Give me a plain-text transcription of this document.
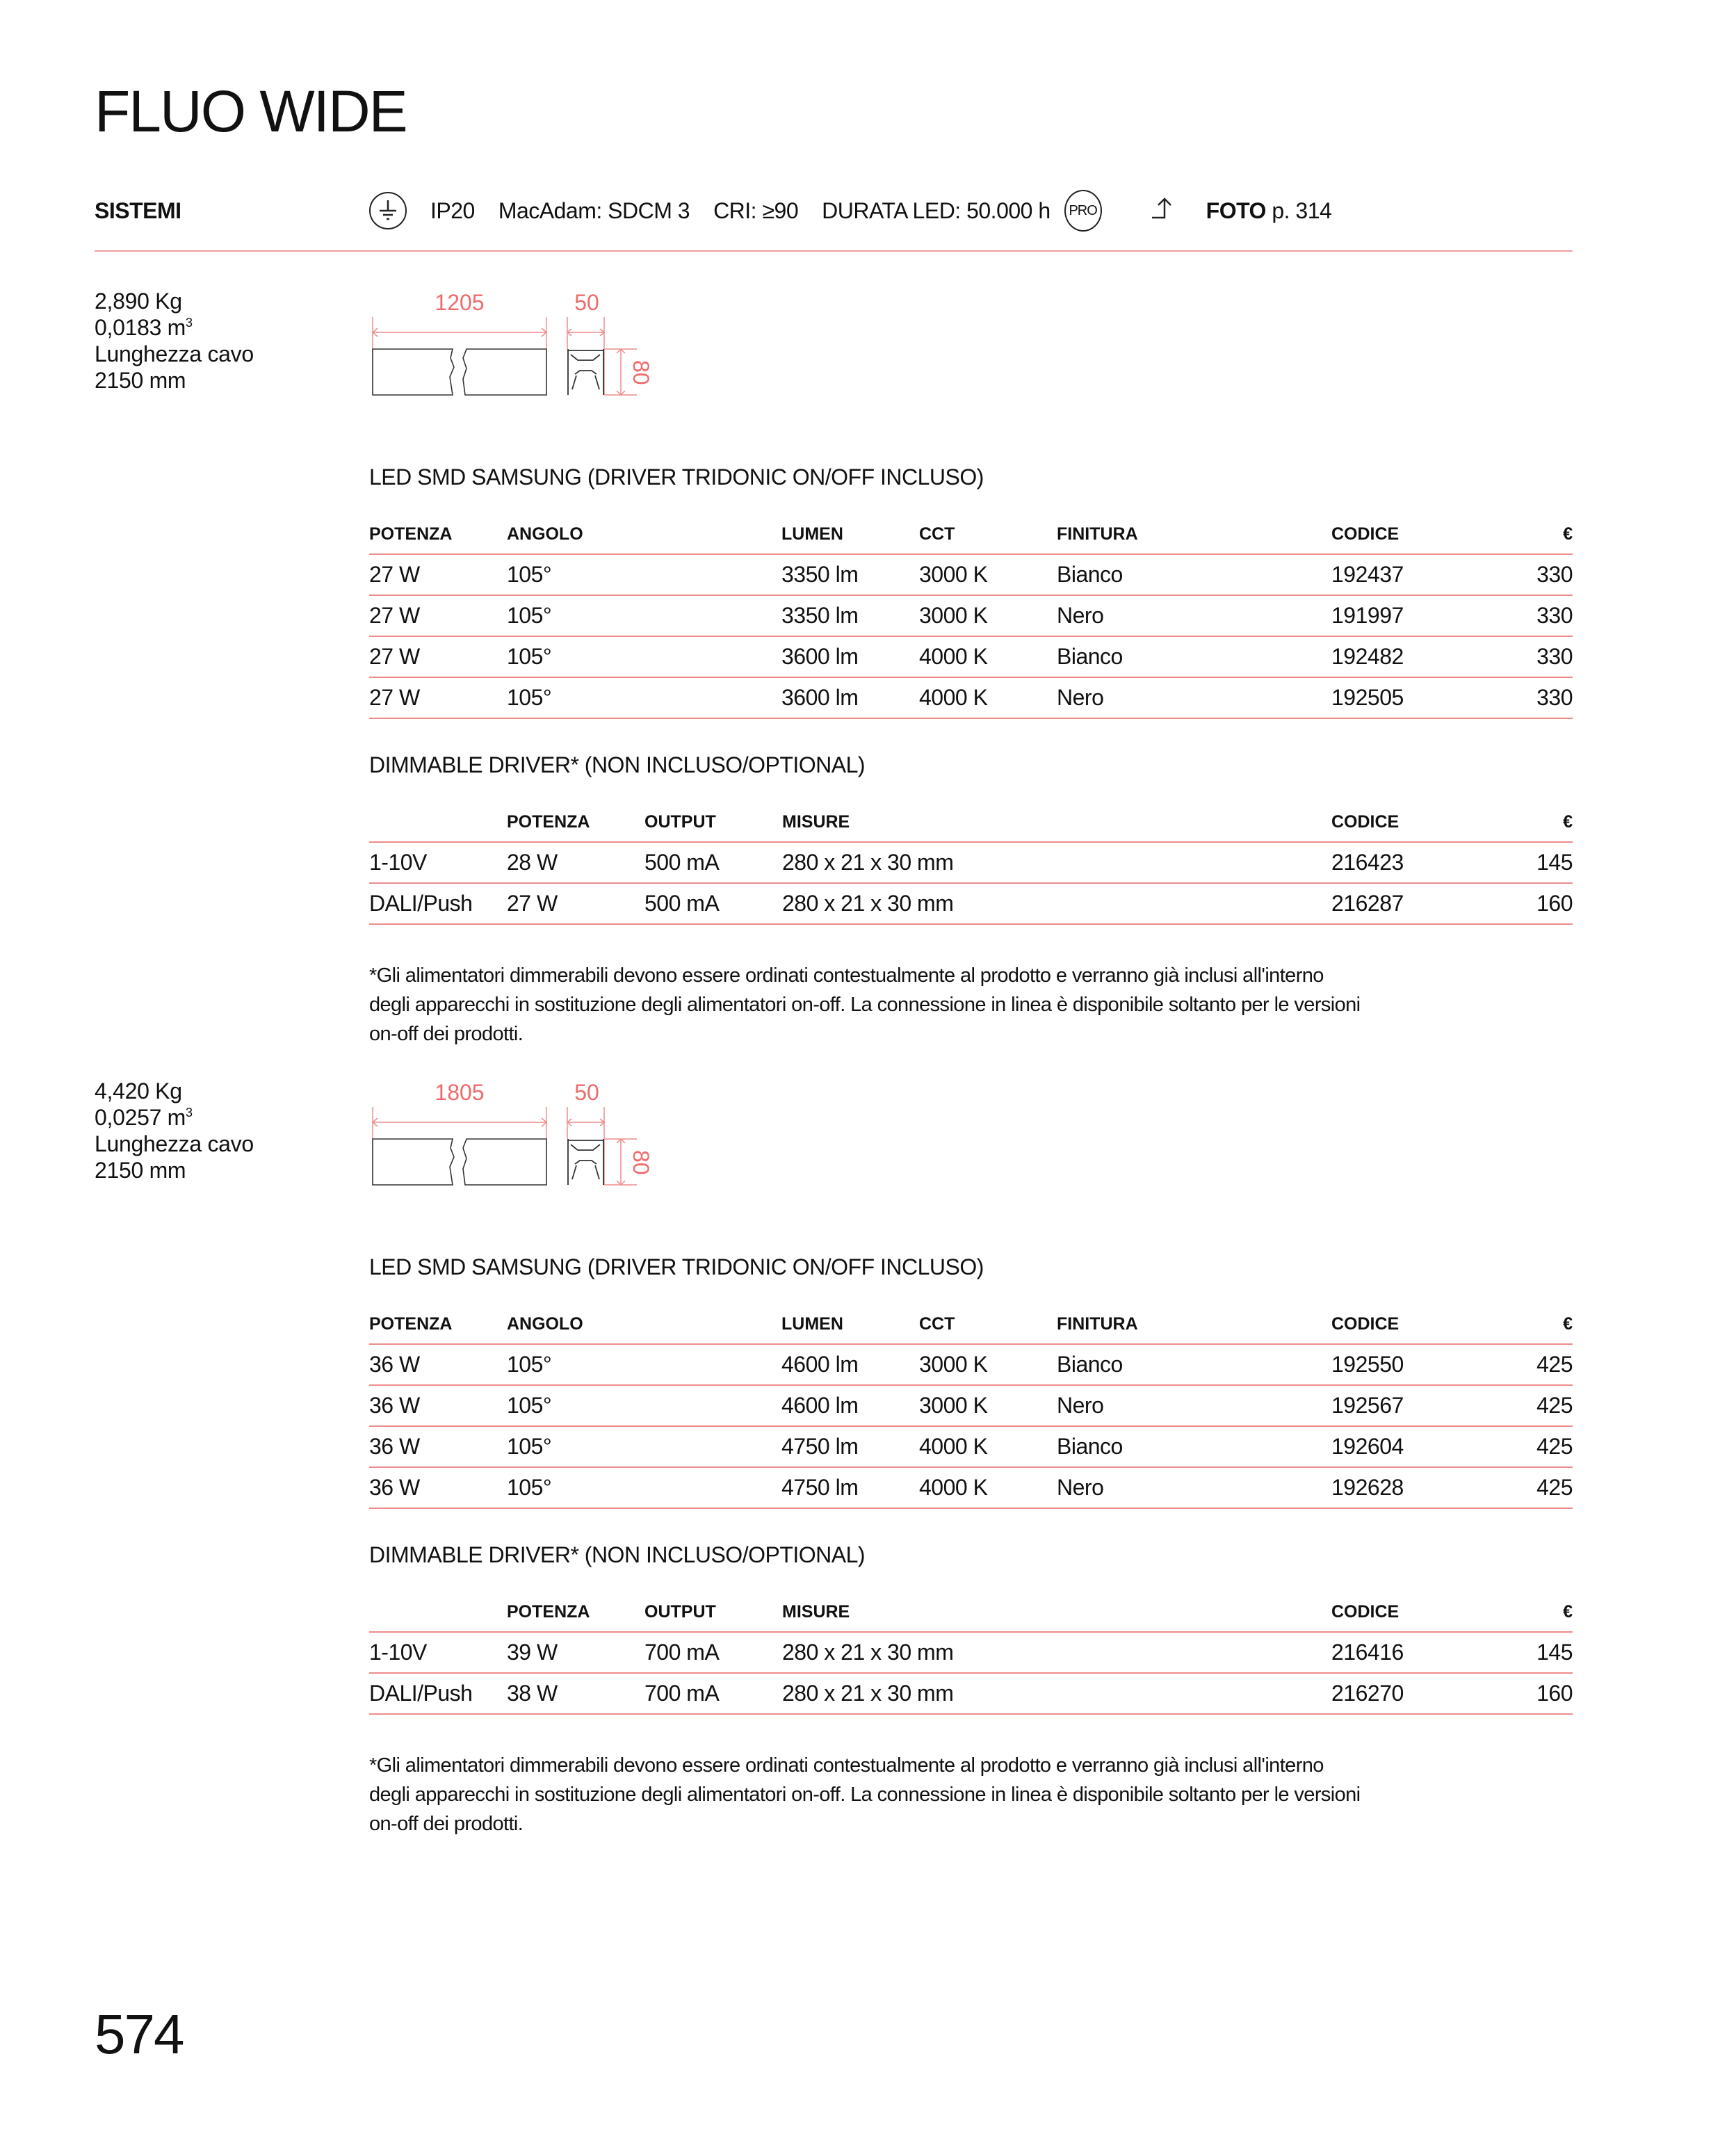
FLUO WIDE
SISTEMI	IP20 MacAdam: SDCM 3 CRI: ≥90 DURATA LED: 50.000 h PRO	FOTO p. 314
2,890 Kg
0,0183 $m^3$
Lunghezza cavo
2150 mm
1205	50
80
LED SMD SAMSUNG (DRIVER TRIDONIC ON/OFF INCLUSO)
POTENZA	ANGOLO	LUMEN	CCT	FINITURA	CODICE	€
27 W	105°	3350 lm	3000 K	Bianco	192437	330
27 W	105°	3350 lm	3000 K	Nero	191997	330
27 W	105°	3600 lm	4000 K	Bianco	192482	330
27 W	105°	3600 lm	4000 K	Nero	192505	330
DIMMABLE DRIVER* (NON INCLUSO/OPTIONAL)
	POTENZA	OUTPUT	MISURE	CODICE	€
1-10V	28 W	500 mA	280 x 21 x 30 mm	216423	145
DALI/Push	27 W	500 mA	280 x 21 x 30 mm	216287	160
*Gli alimentatori dimmerabili devono essere ordinati contestualmente al prodotto e verranno già inclusi all'interno
degli apparecchi in sostituzione degli alimentatori on-off. La connessione in linea è disponibile soltanto per le versioni
on-off dei prodotti.
4,420 Kg
0,0257 $m^3$
Lunghezza cavo
2150 mm
1805	50
80
LED SMD SAMSUNG (DRIVER TRIDONIC ON/OFF INCLUSO)
POTENZA	ANGOLO	LUMEN	CCT	FINITURA	CODICE	€
36 W	105°	4600 lm	3000 K	Bianco	192550	425
36 W	105°	4600 lm	3000 K	Nero	192567	425
36 W	105°	4750 lm	4000 K	Bianco	192604	425
36 W	105°	4750 lm	4000 K	Nero	192628	425
DIMMABLE DRIVER* (NON INCLUSO/OPTIONAL)
	POTENZA	OUTPUT	MISURE	CODICE	€
1-10V	39 W	700 mA	280 x 21 x 30 mm	216416	145
DALI/Push	38 W	700 mA	280 x 21 x 30 mm	216270	160
*Gli alimentatori dimmerabili devono essere ordinati contestualmente al prodotto e verranno già inclusi all'interno
degli apparecchi in sostituzione degli alimentatori on-off. La connessione in linea è disponibile soltanto per le versioni
on-off dei prodotti.
574
